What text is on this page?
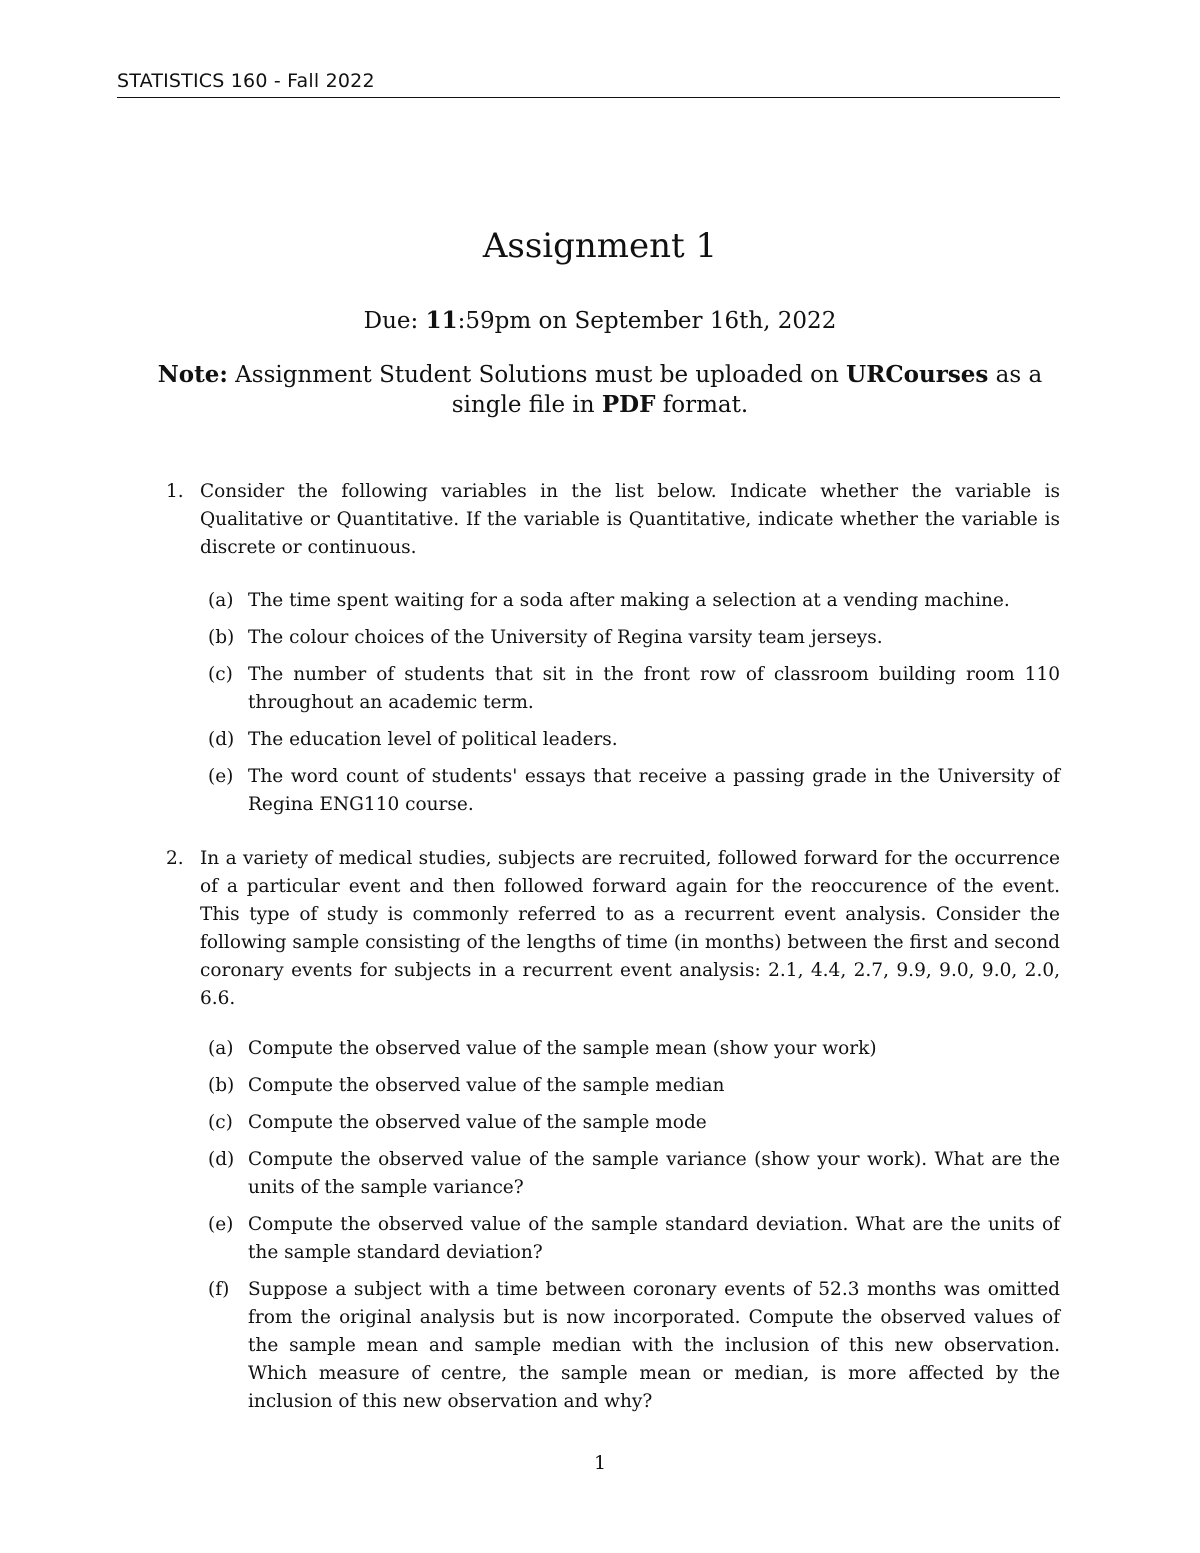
STATISTICS 160 - Fall 2022
Assignment 1
Due: 11:59pm on September 16th, 2022
Note: Assignment Student Solutions must be uploaded on URCourses as a single file in PDF format.
1. Consider the following variables in the list below. Indicate whether the variable is Qualitative or Quantitative. If the variable is Quantitative, indicate whether the variable is discrete or continuous.
(a) The time spent waiting for a soda after making a selection at a vending machine.
(b) The colour choices of the University of Regina varsity team jerseys.
(c) The number of students that sit in the front row of classroom building room 110 throughout an academic term.
(d) The education level of political leaders.
(e) The word count of students' essays that receive a passing grade in the University of Regina ENG110 course.
2. In a variety of medical studies, subjects are recruited, followed forward for the occurrence of a particular event and then followed forward again for the reoccurence of the event. This type of study is commonly referred to as a recurrent event analysis. Consider the following sample consisting of the lengths of time (in months) between the first and second coronary events for subjects in a recurrent event analysis: 2.1, 4.4, 2.7, 9.9, 9.0, 9.0, 2.0, 6.6.
(a) Compute the observed value of the sample mean (show your work)
(b) Compute the observed value of the sample median
(c) Compute the observed value of the sample mode
(d) Compute the observed value of the sample variance (show your work). What are the units of the sample variance?
(e) Compute the observed value of the sample standard deviation. What are the units of the sample standard deviation?
(f) Suppose a subject with a time between coronary events of 52.3 months was omitted from the original analysis but is now incorporated. Compute the observed values of the sample mean and sample median with the inclusion of this new observation. Which measure of centre, the sample mean or median, is more affected by the inclusion of this new observation and why?
1
